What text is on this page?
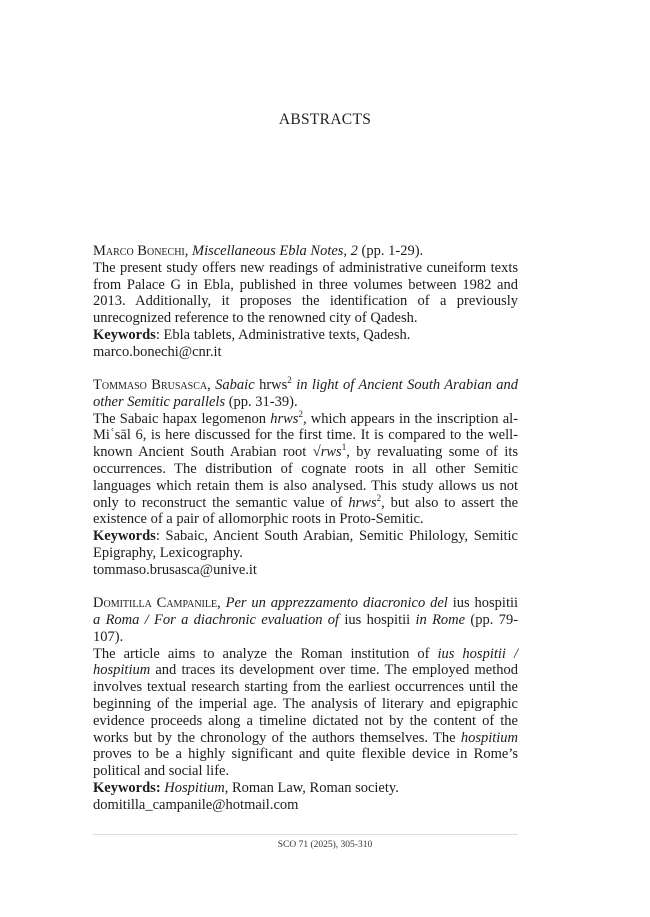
ABSTRACTS

Marco Bonechi, Miscellaneous Ebla Notes, 2 (pp. 1-29).

The present study offers new readings of administrative cuneiform texts from Palace G in Ebla, published in three volumes between 1982 and 2013. Additionally, it proposes the identification of a previously unrecognized reference to the renowned city of Qadesh.

Keywords: Ebla tablets, Administrative texts, Qadesh.

marco.bonechi@cnr.it

Tommaso Brusasca, Sabaic hrws$^2$ in light of Ancient South Arabian and other Semitic parallels (pp. 31-39).

The Sabaic hapax legomenon hrws$^2$, which appears in the inscription al-Miʿsāl 6, is here discussed for the first time. It is compared to the well-known Ancient South Arabian root √rws$^1$, by revaluating some of its occurrences. The distribution of cognate roots in all other Semitic languages which retain them is also analysed. This study allows us not only to reconstruct the semantic value of hrws$^2$, but also to assert the existence of a pair of allomorphic roots in Proto-Semitic.

Keywords: Sabaic, Ancient South Arabian, Semitic Philology, Semitic Epigraphy, Lexicography.

tommaso.brusasca@unive.it

Domitilla Campanile, Per un apprezzamento diacronico del ius hospitii a Roma / For a diachronic evaluation of ius hospitii in Rome (pp. 79-107).

The article aims to analyze the Roman institution of ius hospitii / hospitium and traces its development over time. The employed method involves textual research starting from the earliest occurrences until the beginning of the imperial age. The analysis of literary and epigraphic evidence proceeds along a timeline dictated not by the content of the works but by the chronology of the authors themselves. The hospitium proves to be a highly significant and quite flexible device in Rome’s political and social life.

Keywords: Hospitium, Roman Law, Roman society.

domitilla_campanile@hotmail.com

SCO 71 (2025), 305-310
